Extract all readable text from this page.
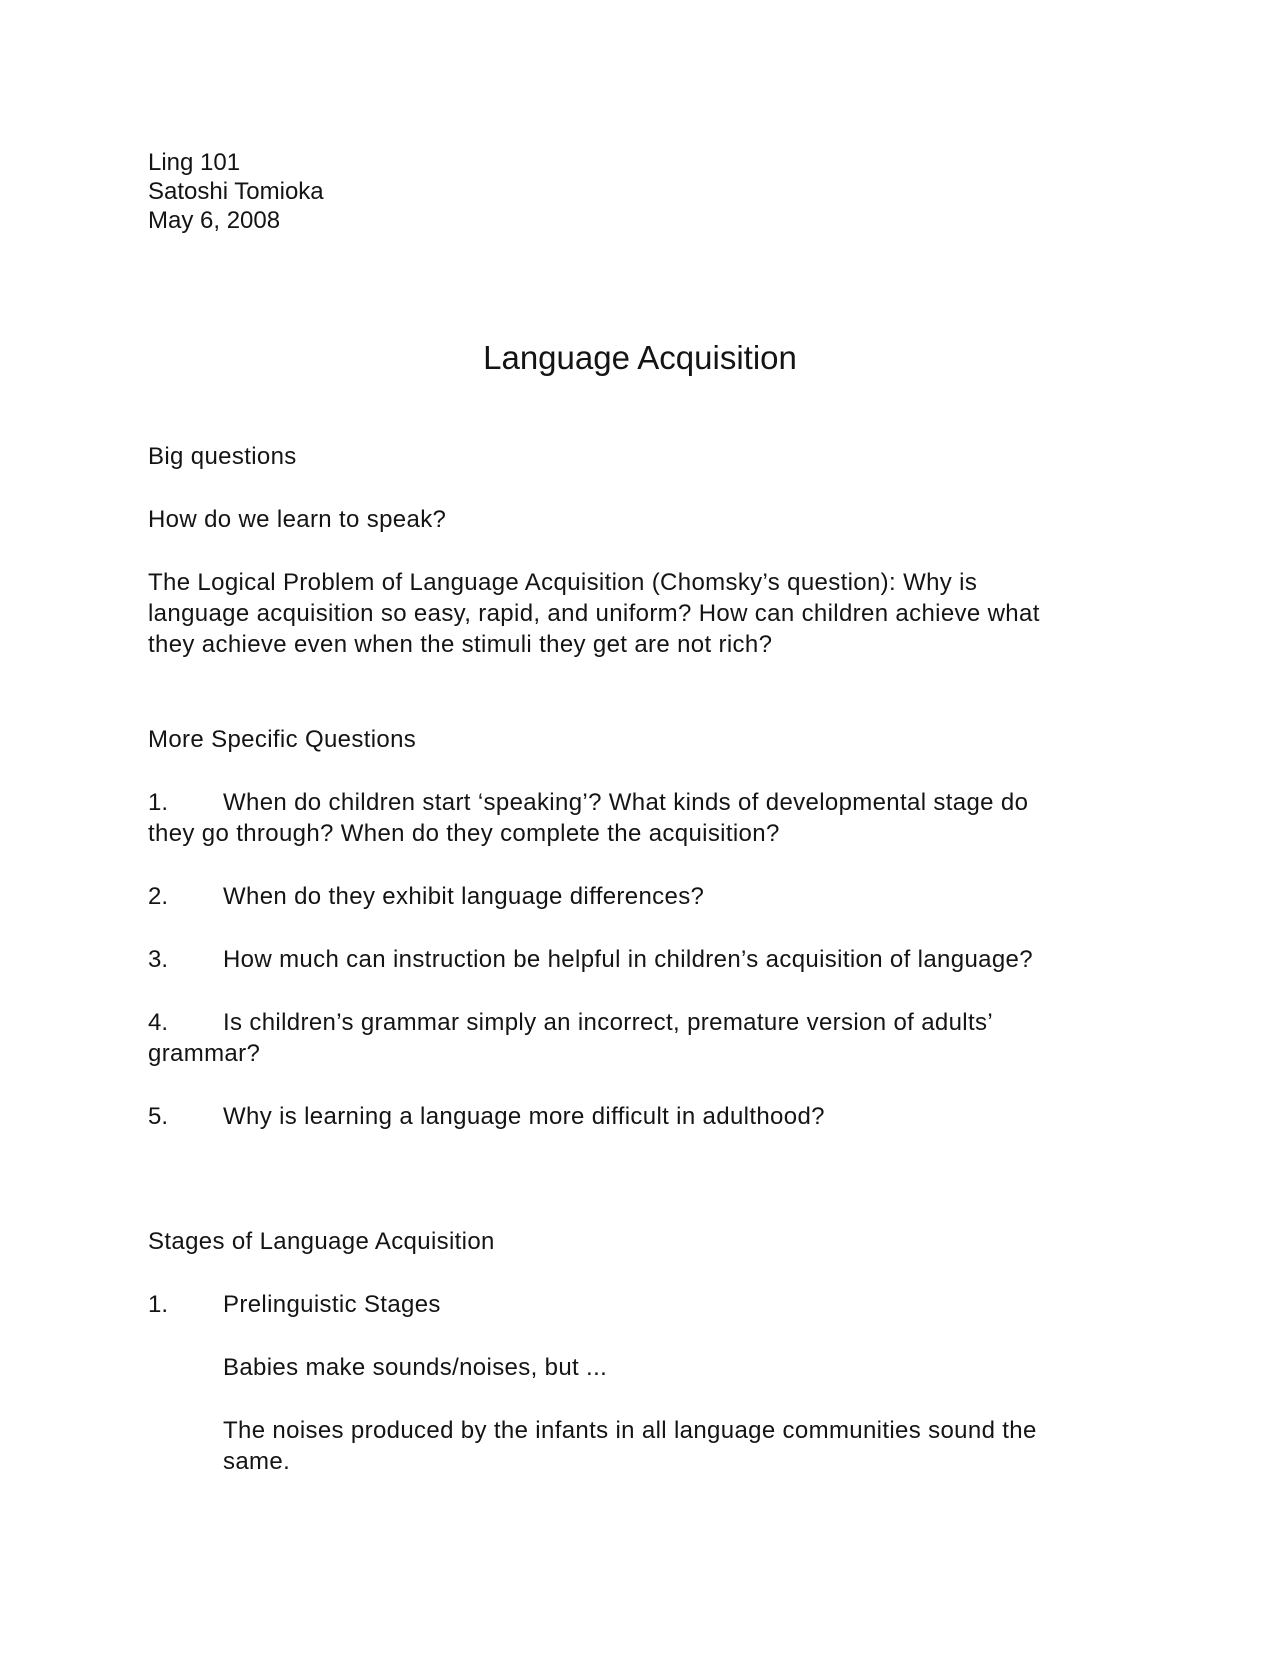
Ling 101

Satoshi Tomioka

May 6, 2008

Language Acquisition

Big questions

How do we learn to speak?

The Logical Problem of Language Acquisition (Chomsky’s question): Why is

language acquisition so easy, rapid, and uniform? How can children achieve what

they achieve even when the stimuli they get are not rich?

More Specific Questions

1. When do children start ‘speaking’? What kinds of developmental stage do

they go through? When do they complete the acquisition?

2. When do they exhibit language differences?

3. How much can instruction be helpful in children’s acquisition of language?

4. Is children’s grammar simply an incorrect, premature version of adults’

grammar?

5. Why is learning a language more difficult in adulthood?

Stages of Language Acquisition

1. Prelinguistic Stages

Babies make sounds/noises, but ...

The noises produced by the infants in all language communities sound the

same.
